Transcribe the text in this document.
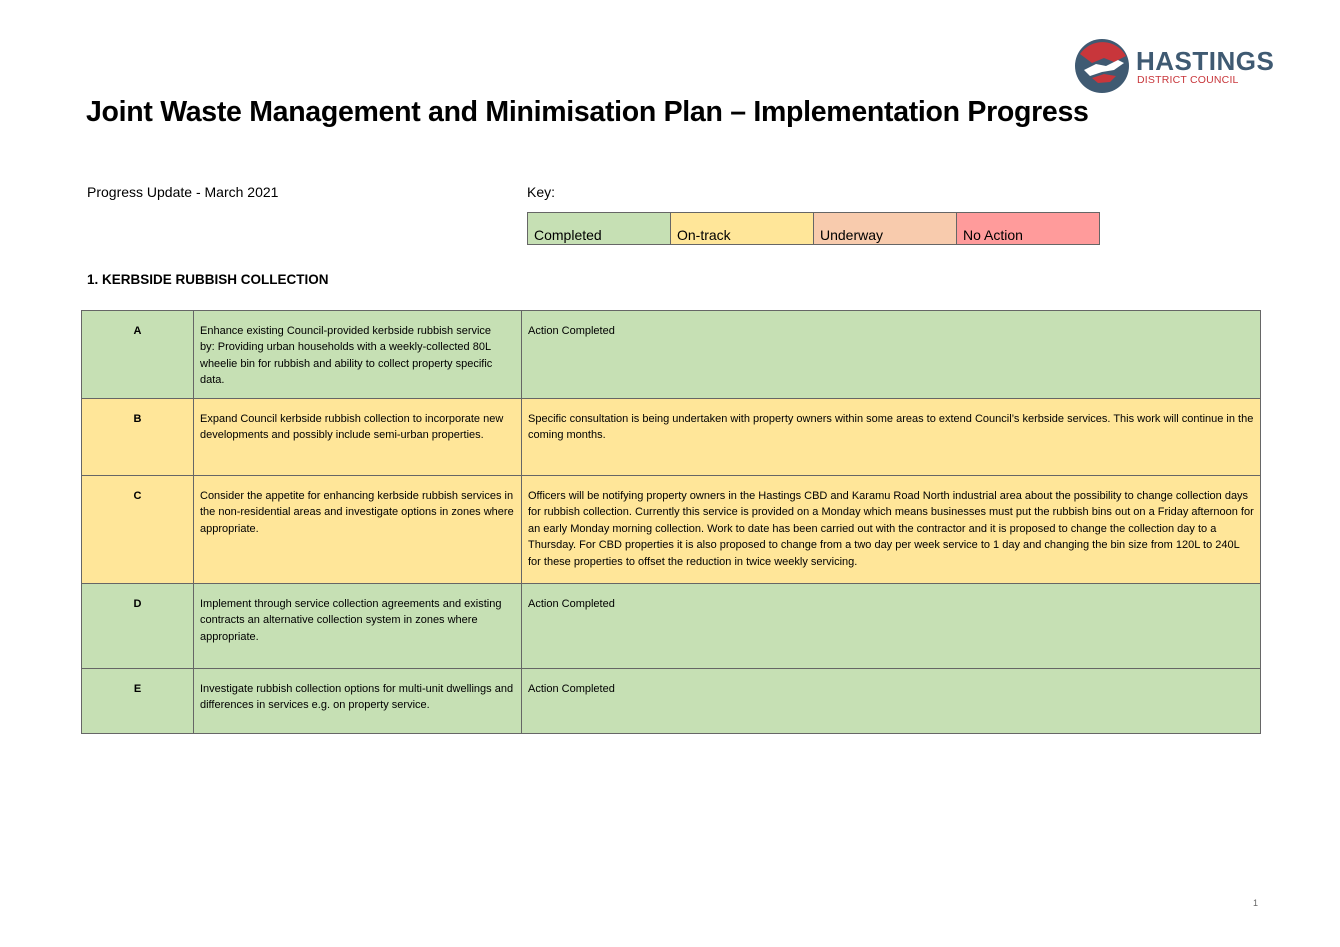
HASTINGS
DISTRICT COUNCIL
Joint Waste Management and Minimisation Plan – Implementation Progress
Progress Update - March 2021	Key:
Completed	On-track	Underway	No Action
1. KERBSIDE RUBBISH COLLECTION
A	Enhance existing Council-provided kerbside rubbish service by: Providing urban households with a weekly-collected 80L wheelie bin for rubbish and ability to collect property specific data.	Action Completed
B	Expand Council kerbside rubbish collection to incorporate new developments and possibly include semi-urban properties.	Specific consultation is being undertaken with property owners within some areas to extend Council’s kerbside services. This work will continue in the coming months.
C	Consider the appetite for enhancing kerbside rubbish services in the non-residential areas and investigate options in zones where appropriate.	Officers will be notifying property owners in the Hastings CBD and Karamu Road North industrial area about the possibility to change collection days for rubbish collection. Currently this service is provided on a Monday which means businesses must put the rubbish bins out on a Friday afternoon for an early Monday morning collection. Work to date has been carried out with the contractor and it is proposed to change the collection day to a Thursday. For CBD properties it is also proposed to change from a two day per week service to 1 day and changing the bin size from 120L to 240L for these properties to offset the reduction in twice weekly servicing.
D	Implement through service collection agreements and existing contracts an alternative collection system in zones where appropriate.	Action Completed
E	Investigate rubbish collection options for multi-unit dwellings and differences in services e.g. on property service.	Action Completed
1
